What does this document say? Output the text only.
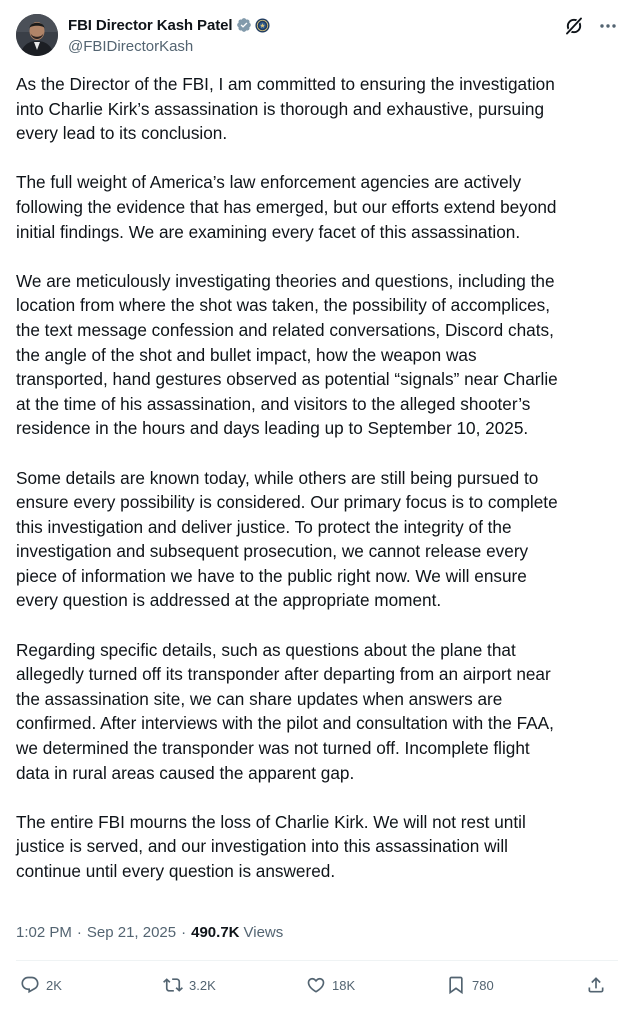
FBI Director Kash Patel
@FBIDirectorKash

As the Director of the FBI, I am committed to ensuring the investigation
into Charlie Kirk’s assassination is thorough and exhaustive, pursuing
every lead to its conclusion.

The full weight of America’s law enforcement agencies are actively
following the evidence that has emerged, but our efforts extend beyond
initial findings. We are examining every facet of this assassination.

We are meticulously investigating theories and questions, including the
location from where the shot was taken, the possibility of accomplices,
the text message confession and related conversations, Discord chats,
the angle of the shot and bullet impact, how the weapon was
transported, hand gestures observed as potential “signals” near Charlie
at the time of his assassination, and visitors to the alleged shooter’s
residence in the hours and days leading up to September 10, 2025.

Some details are known today, while others are still being pursued to
ensure every possibility is considered. Our primary focus is to complete
this investigation and deliver justice. To protect the integrity of the
investigation and subsequent prosecution, we cannot release every
piece of information we have to the public right now. We will ensure
every question is addressed at the appropriate moment.

Regarding specific details, such as questions about the plane that
allegedly turned off its transponder after departing from an airport near
the assassination site, we can share updates when answers are
confirmed. After interviews with the pilot and consultation with the FAA,
we determined the transponder was not turned off. Incomplete flight
data in rural areas caused the apparent gap.

The entire FBI mourns the loss of Charlie Kirk. We will not rest until
justice is served, and our investigation into this assassination will
continue until every question is answered.

1:02 PM · Sep 21, 2025 · 490.7K Views
2K	3.2K	18K	780
